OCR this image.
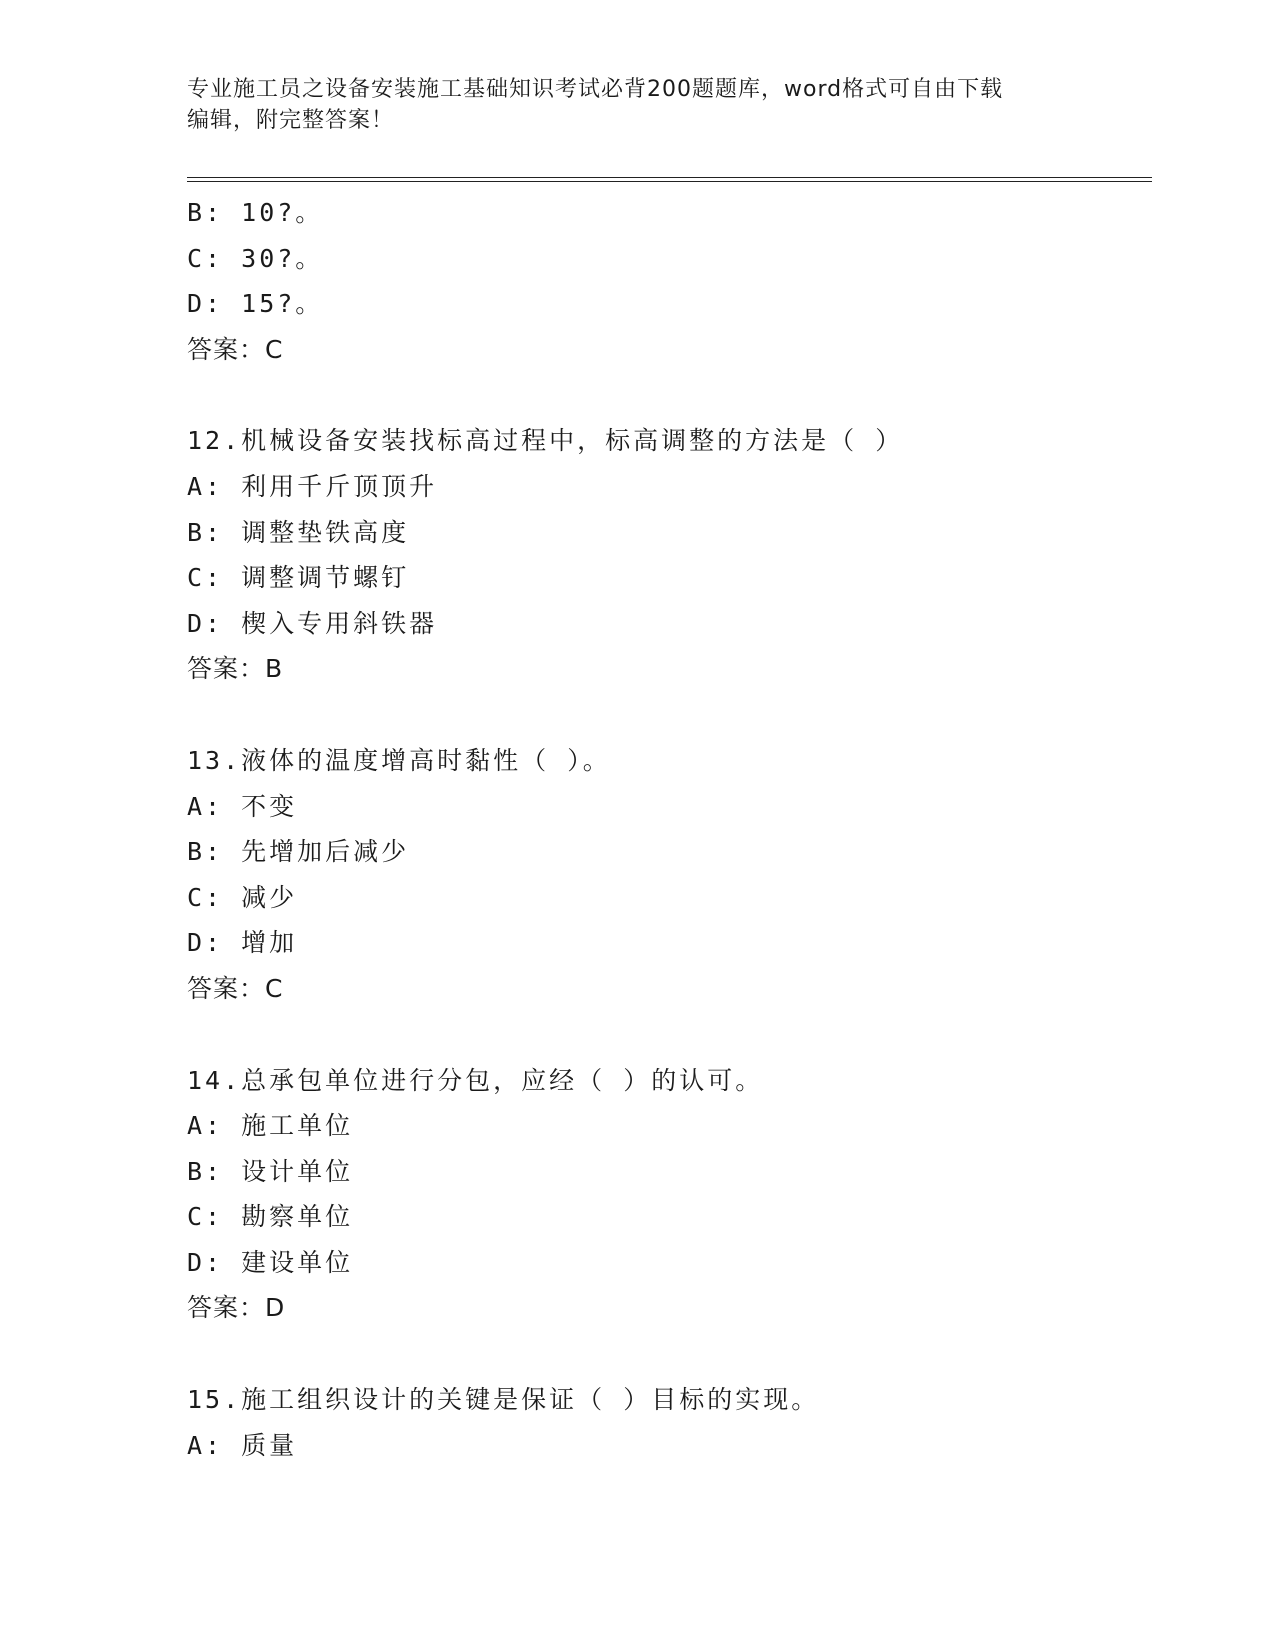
专业施工员之设备安装施工基础知识考试必背200题题库，word格式可自由下载
编辑，附完整答案！
B: 10?。
C: 30?。
D: 15?。
答案：C
12.机械设备安装找标高过程中，标高调整的方法是（ ）
A: 利用千斤顶顶升
B: 调整垫铁高度
C: 调整调节螺钉
D: 楔入专用斜铁器
答案：B
13.液体的温度增高时黏性（ ）。
A: 不变
B: 先增加后减少
C: 减少
D: 增加
答案：C
14.总承包单位进行分包，应经（ ）的认可。
A: 施工单位
B: 设计单位
C: 勘察单位
D: 建设单位
答案：D
15.施工组织设计的关键是保证（ ）目标的实现。
A: 质量
